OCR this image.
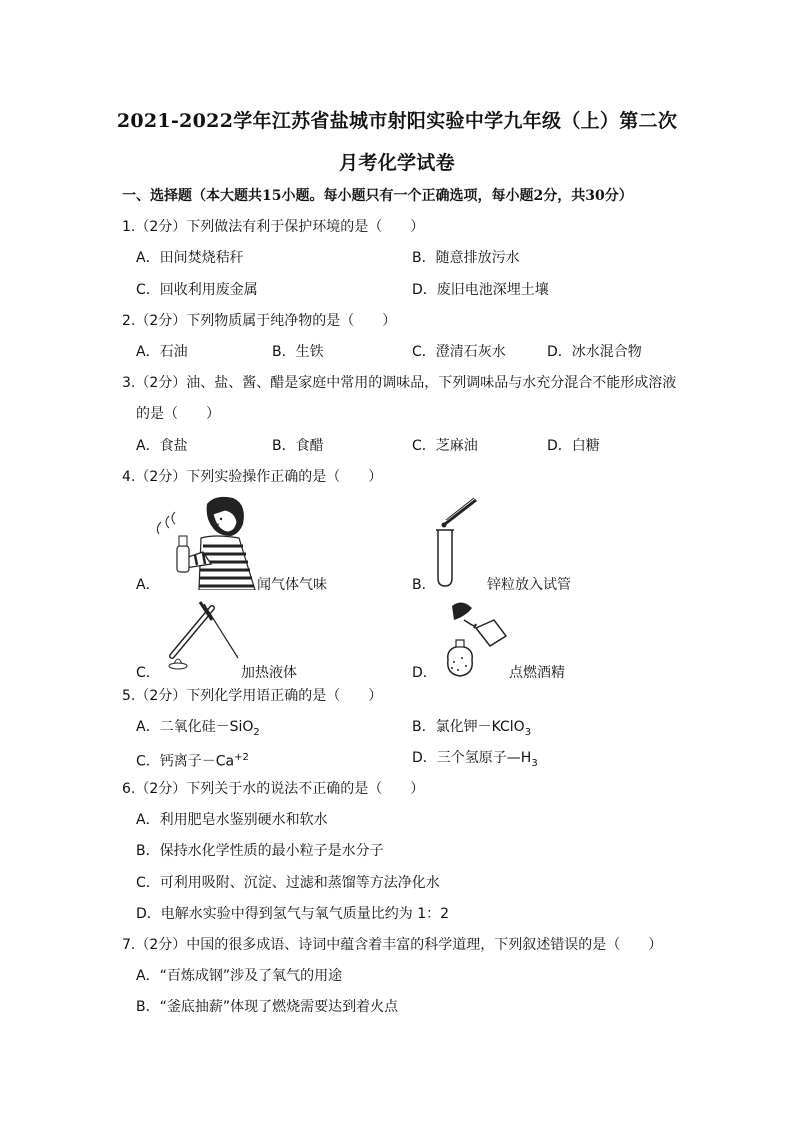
2021-2022学年江苏省盐城市射阳实验中学九年级（上）第二次
月考化学试卷
一、选择题（本大题共15小题。每小题只有一个正确选项，每小题2分，共30分）
1.（2分）下列做法有利于保护环境的是（　　）
A．田间焚烧秸秆	B．随意排放污水
C．回收利用废金属	D．废旧电池深埋土壤
2.（2分）下列物质属于纯净物的是（　　）
A．石油	B．生铁	C．澄清石灰水	D．冰水混合物
3.（2分）油、盐、酱、醋是家庭中常用的调味品，下列调味品与水充分混合不能形成溶液
的是（　　）
A．食盐	B．食醋	C．芝麻油	D．白糖
4.（2分）下列实验操作正确的是（　　）
A．	闻气体气味	B．	锌粒放入试管
C．	加热液体	D．	点燃酒精
5.（2分）下列化学用语正确的是（　　）
A．二氧化硅－SiO$_2$	B．氯化钾－KClO$_3$
C．钙离子$-Ca^{+2}$	D．三个氢原子$—H_3$
6.（2分）下列关于水的说法不正确的是（　　）
A．利用肥皂水鉴别硬水和软水
B．保持水化学性质的最小粒子是水分子
C．可利用吸附、沉淀、过滤和蒸馏等方法净化水
D．电解水实验中得到氢气与氧气质量比约为 1：2
7.（2分）中国的很多成语、诗词中蕴含着丰富的科学道理，下列叙述错误的是（　　）
A．“百炼成钢”涉及了氧气的用途
B．“釜底抽薪”体现了燃烧需要达到着火点
